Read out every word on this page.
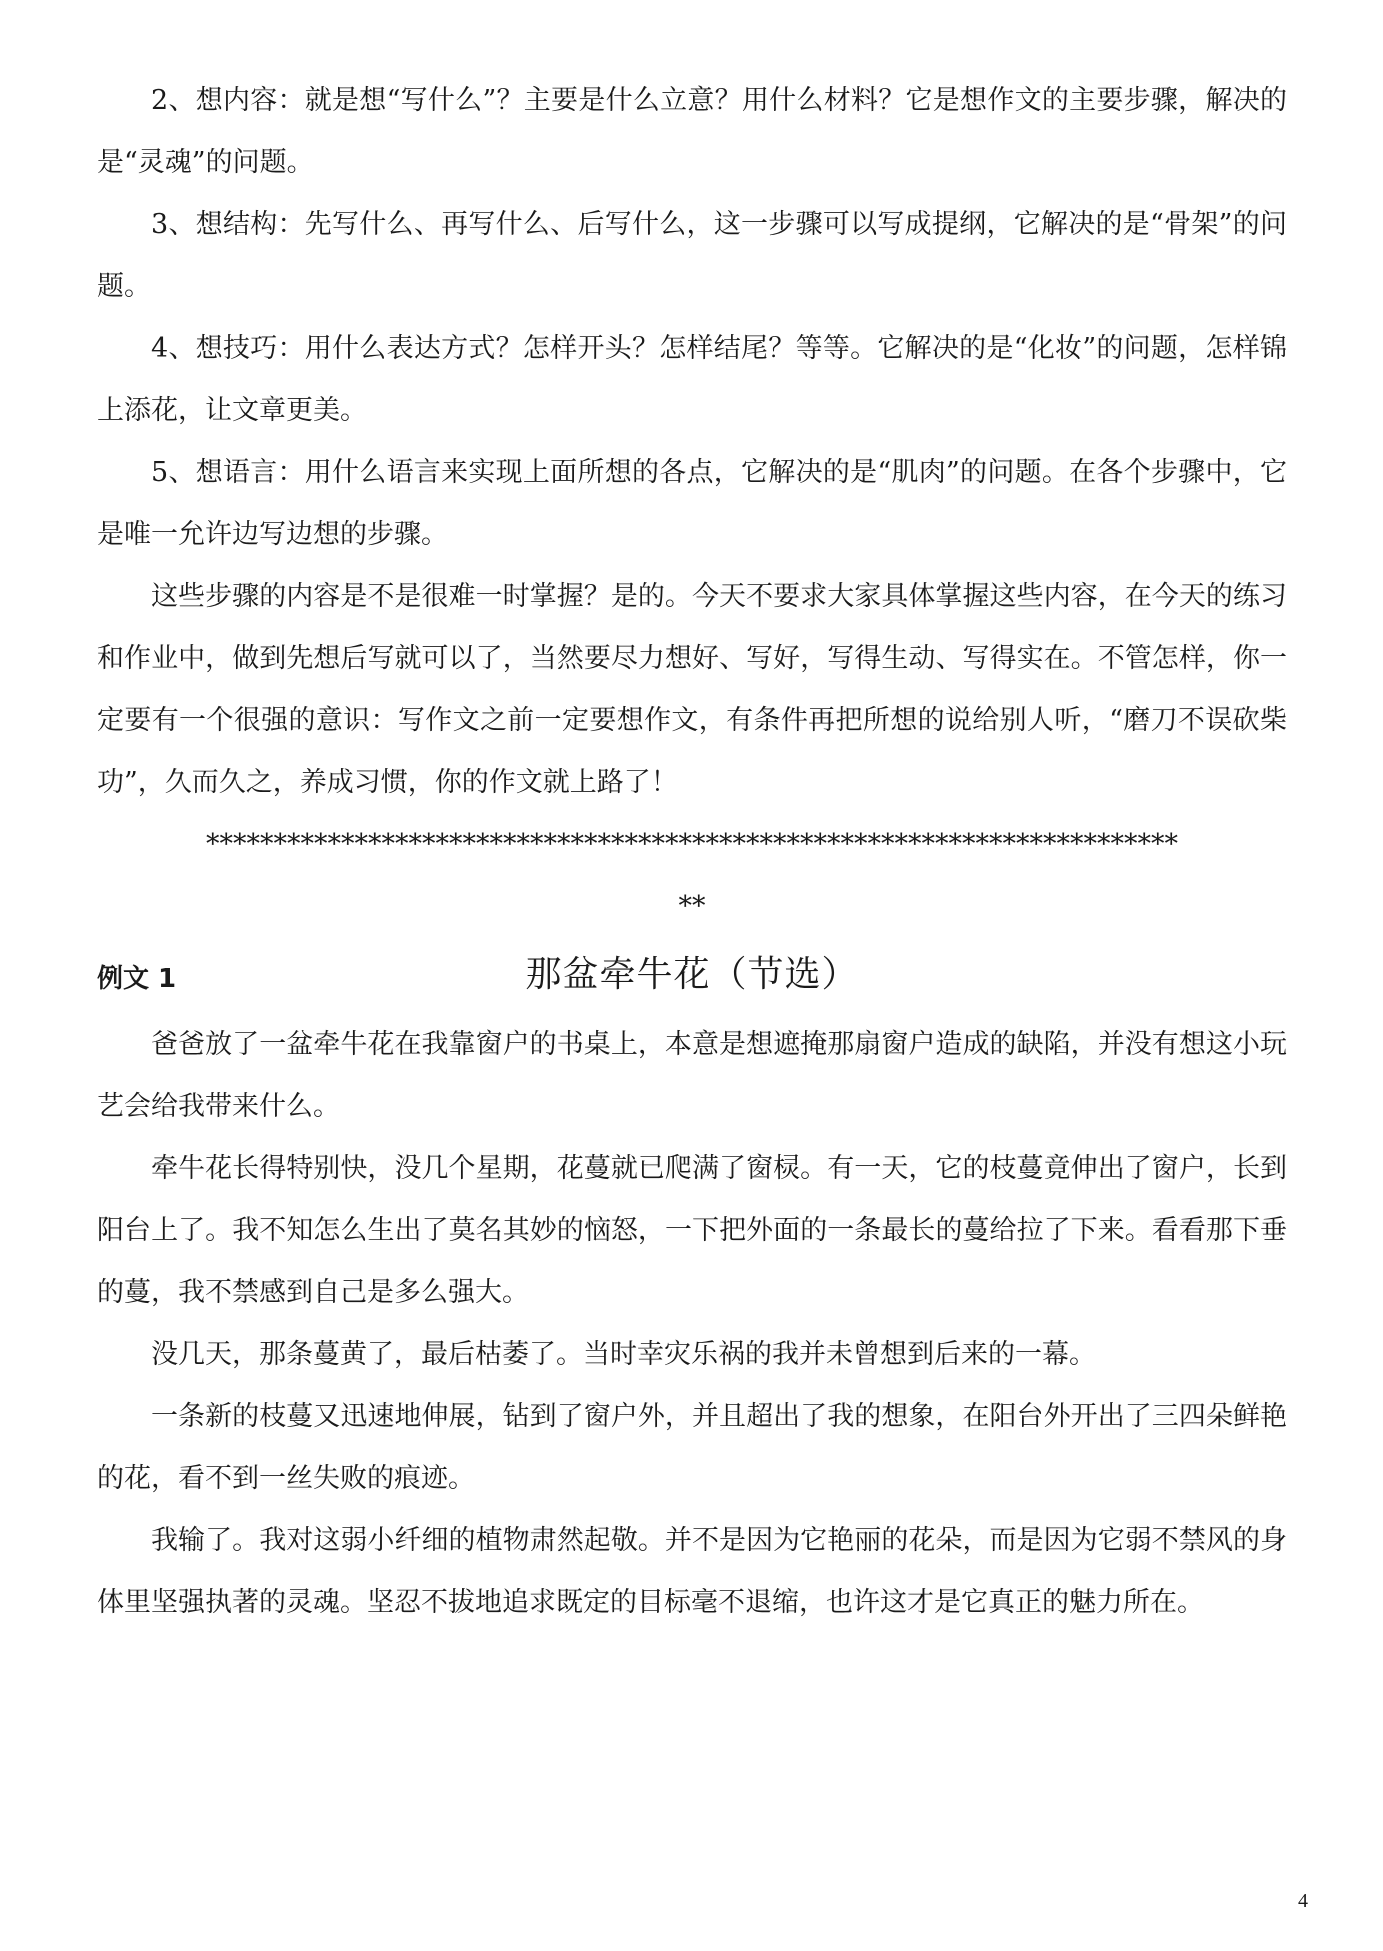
2、想内容：就是想“写什么”？主要是什么立意？用什么材料？它是想作文的主要步骤，解决的是“灵魂”的问题。

3、想结构：先写什么、再写什么、后写什么，这一步骤可以写成提纲，它解决的是“骨架”的问题。

4、想技巧：用什么表达方式？怎样开头？怎样结尾？等等。它解决的是“化妆”的问题，怎样锦上添花，让文章更美。

5、想语言：用什么语言来实现上面所想的各点，它解决的是“肌肉”的问题。在各个步骤中，它是唯一允许边写边想的步骤。

这些步骤的内容是不是很难一时掌握？是的。今天不要求大家具体掌握这些内容，在今天的练习和作业中，做到先想后写就可以了，当然要尽力想好、写好，写得生动、写得实在。不管怎样，你一定要有一个很强的意识：写作文之前一定要想作文，有条件再把所想的说给别人听，“磨刀不误砍柴功”，久而久之，养成习惯，你的作文就上路了！

************************************************************************

**

例文 1	那盆牵牛花（节选）

爸爸放了一盆牵牛花在我靠窗户的书桌上，本意是想遮掩那扇窗户造成的缺陷，并没有想这小玩艺会给我带来什么。

牵牛花长得特别快，没几个星期，花蔓就已爬满了窗棂。有一天，它的枝蔓竟伸出了窗户，长到阳台上了。我不知怎么生出了莫名其妙的恼怒，一下把外面的一条最长的蔓给拉了下来。看看那下垂的蔓，我不禁感到自己是多么强大。

没几天，那条蔓黄了，最后枯萎了。当时幸灾乐祸的我并未曾想到后来的一幕。

一条新的枝蔓又迅速地伸展，钻到了窗户外，并且超出了我的想象，在阳台外开出了三四朵鲜艳的花，看不到一丝失败的痕迹。

我输了。我对这弱小纤细的植物肃然起敬。并不是因为它艳丽的花朵，而是因为它弱不禁风的身体里坚强执著的灵魂。坚忍不拔地追求既定的目标毫不退缩，也许这才是它真正的魅力所在。

4
